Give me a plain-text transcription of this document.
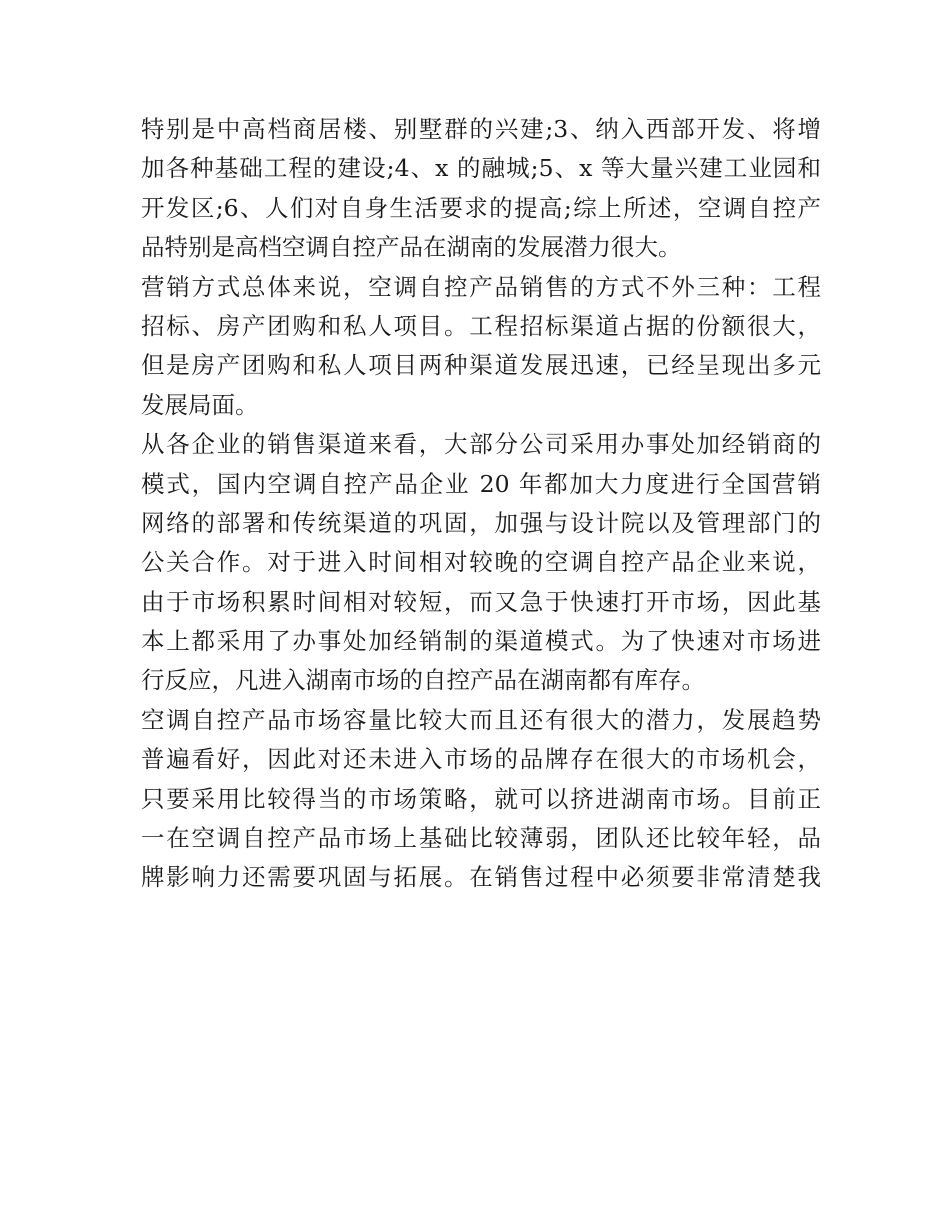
特别是中高档商居楼、别墅群的兴建;3、纳入西部开发、将增
加各种基础工程的建设;4、x 的融城;5、x 等大量兴建工业园和
开发区;6、人们对自身生活要求的提高;综上所述，空调自控产
品特别是高档空调自控产品在湖南的发展潜力很大。
营销方式总体来说，空调自控产品销售的方式不外三种：工程
招标、房产团购和私人项目。工程招标渠道占据的份额很大，
但是房产团购和私人项目两种渠道发展迅速，已经呈现出多元
发展局面。
从各企业的销售渠道来看，大部分公司采用办事处加经销商的
模式，国内空调自控产品企业 20 年都加大力度进行全国营销
网络的部署和传统渠道的巩固，加强与设计院以及管理部门的
公关合作。对于进入时间相对较晚的空调自控产品企业来说，
由于市场积累时间相对较短，而又急于快速打开市场，因此基
本上都采用了办事处加经销制的渠道模式。为了快速对市场进
行反应，凡进入湖南市场的自控产品在湖南都有库存。
空调自控产品市场容量比较大而且还有很大的潜力，发展趋势
普遍看好，因此对还未进入市场的品牌存在很大的市场机会，
只要采用比较得当的市场策略，就可以挤进湖南市场。目前正
一在空调自控产品市场上基础比较薄弱，团队还比较年轻，品
牌影响力还需要巩固与拓展。在销售过程中必须要非常清楚我
